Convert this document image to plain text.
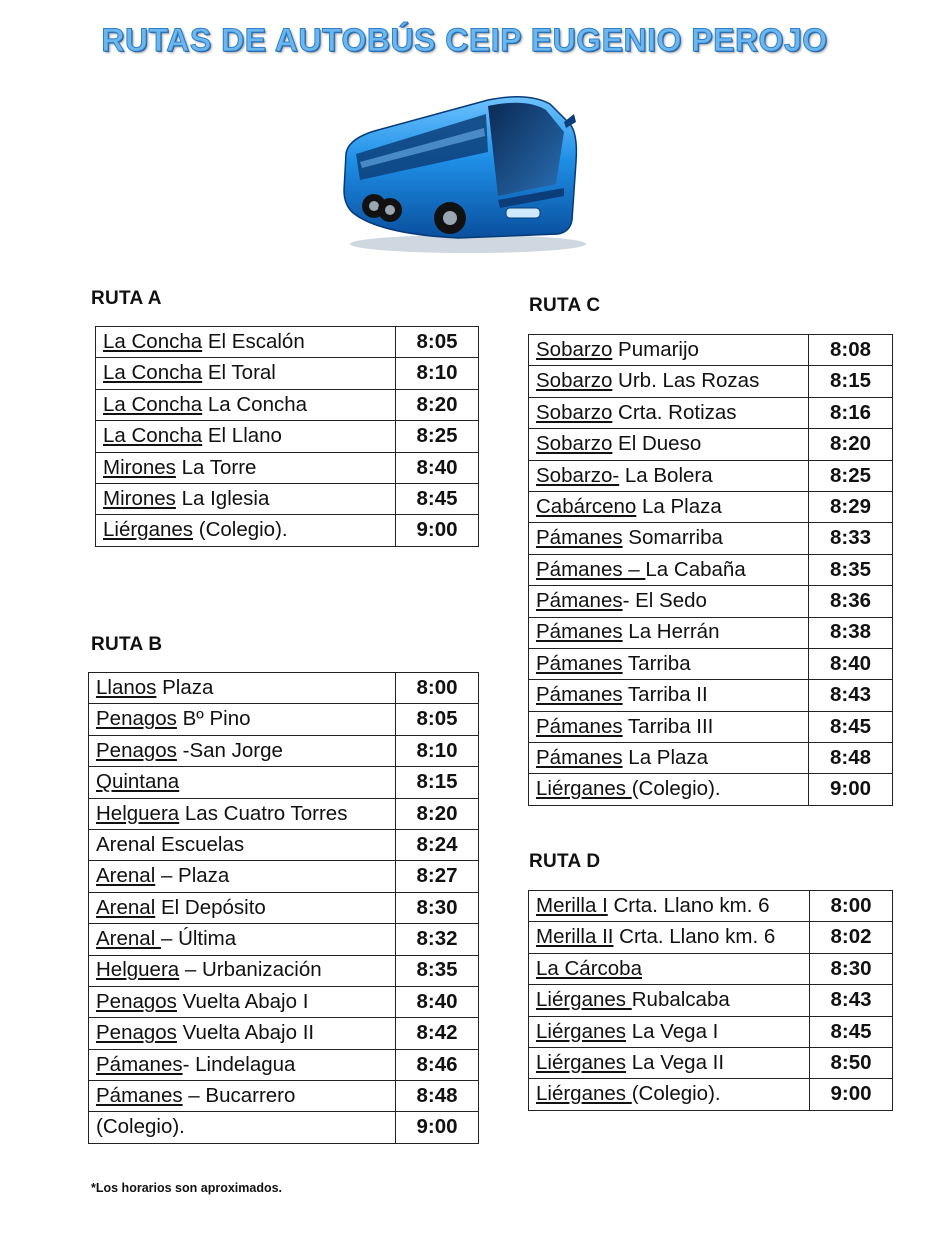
RUTAS DE AUTOBÚS CEIP EUGENIO PEROJO
RUTA A
La Concha El Escalón	8:05
La Concha El Toral	8:10
La Concha La Concha	8:20
La Concha El Llano	8:25
Mirones La Torre	8:40
Mirones La Iglesia	8:45
Liérganes (Colegio).	9:00
RUTA B
Llanos Plaza	8:00
Penagos Bº Pino	8:05
Penagos -San Jorge	8:10
Quintana	8:15
Helguera Las Cuatro Torres	8:20
Arenal Escuelas	8:24
Arenal – Plaza	8:27
Arenal El Depósito	8:30
Arenal – Última	8:32
Helguera – Urbanización	8:35
Penagos Vuelta Abajo I	8:40
Penagos Vuelta Abajo II	8:42
Pámanes- Lindelagua	8:46
Pámanes – Bucarrero	8:48
(Colegio).	9:00
RUTA C
Sobarzo Pumarijo	8:08
Sobarzo Urb. Las Rozas	8:15
Sobarzo Crta. Rotizas	8:16
Sobarzo El Dueso	8:20
Sobarzo- La Bolera	8:25
Cabárceno La Plaza	8:29
Pámanes Somarriba	8:33
Pámanes – La Cabaña	8:35
Pámanes- El Sedo	8:36
Pámanes La Herrán	8:38
Pámanes Tarriba	8:40
Pámanes Tarriba II	8:43
Pámanes Tarriba III	8:45
Pámanes La Plaza	8:48
Liérganes (Colegio).	9:00
RUTA D
Merilla I Crta. Llano km. 6	8:00
Merilla II Crta. Llano km. 6	8:02
La Cárcoba	8:30
Liérganes Rubalcaba	8:43
Liérganes La Vega I	8:45
Liérganes La Vega II	8:50
Liérganes (Colegio).	9:00
*Los horarios son aproximados.
